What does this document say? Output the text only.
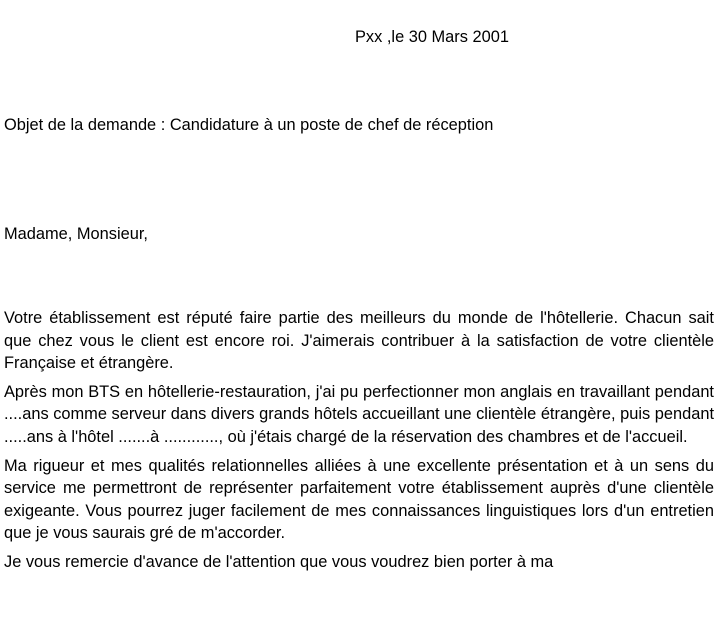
Pxx ,le 30 Mars 2001
Objet de la demande : Candidature à un poste de chef de réception
Madame, Monsieur,

Votre établissement est réputé faire partie des meilleurs du monde de l'hôtellerie. Chacun sait que chez vous le client est encore roi. J'aimerais contribuer à la satisfaction de votre clientèle Française et étrangère.

Après mon BTS en hôtellerie-restauration, j'ai pu perfectionner mon anglais en travaillant pendant ....ans comme serveur dans divers grands hôtels accueillant une clientèle étrangère, puis pendant .....ans à l'hôtel .......à ............, où j'étais chargé de la réservation des chambres et de l'accueil.

Ma rigueur et mes qualités relationnelles alliées à une excellente présentation et à un sens du service me permettront de représenter parfaitement votre établissement auprès d'une clientèle exigeante. Vous pourrez juger facilement de mes connaissances linguistiques lors d'un entretien que je vous saurais gré de m'accorder.

Je vous remercie d'avance de l'attention que vous voudrez bien porter à ma
